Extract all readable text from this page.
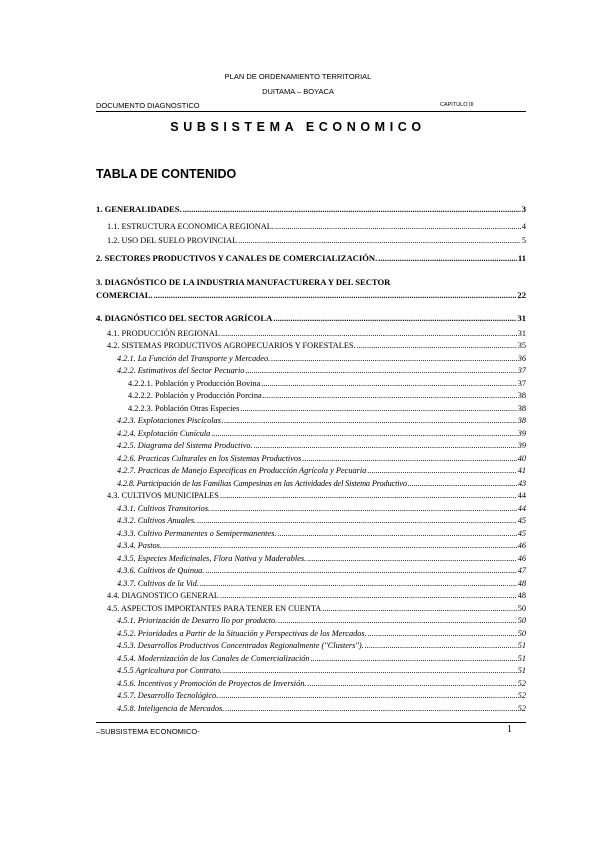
PLAN DE ORDENAMIENTO TERRITORIAL
DUITAMA – BOYACA
DOCUMENTO DIAGNOSTICO	CAPITULO III
SUBSISTEMA ECONOMICO
TABLA DE CONTENIDO
1. GENERALIDADES. .....	3
1.1. ESTRUCTURA ECONOMICA REGIONAL. .....	4
1.2. USO DEL SUELO PROVINCIAL .....	5
2. SECTORES PRODUCTIVOS Y CANALES DE COMERCIALIZACIÓN. .....	11
3. DIAGNÓSTICO DE LA INDUSTRIA MANUFACTURERA Y DEL SECTOR
COMERCIAL. .....	22
4. DIAGNÓSTICO DEL SECTOR AGRÍCOLA .....	31
4.1. PRODUCCIÓN REGIONAL .....	31
4.2. SISTEMAS PRODUCTIVOS AGROPECUARIOS Y FORESTALES. .....	35
4.2.1. La Función del Transporte y Mercadeo. .....	36
4.2.2. Estimativos del Sector Pecuario .....	37
4.2.2.1. Población y Producción Bovina .....	37
4.2.2.2. Población y Producción Porcina .....	38
4.2.2.3. Población Otras Especies .....	38
4.2.3. Explotaciones Piscícolas .....	38
4.2.4. Explotación Cunícula .....	39
4.2.5. Diagrama del Sistema Productivo. .....	39
4.2.6. Practicas Culturales en los Sistemas Productivos .....	40
4.2.7. Practicas de Manejo Especificas en Producción Agrícola y Pecuaria .....	41
4.2.8. Participación de las Familias Campesinas en las Actividades del Sistema Productivo .....	43
4.3. CULTIVOS MUNICIPALES .....	44
4.3.1. Cultivos Transitorios. .....	44
4.3.2. Cultivos Anuales. .....	45
4.3.3. Cultivo Permanentes o Semipermanentes. .....	45
4.3.4. Pastos. .....	46
4.3.5. Especies Medicinales, Flora Nativa y Maderables. .....	46
4.3.6. Cultivos de Quinua. .....	47
4.3.7. Cultivos de la Vid. .....	48
4.4. DIAGNOSTICO GENERAL .....	48
4.5. ASPECTOS IMPORTANTES PARA TENER EN CUENTA .....	50
4.5.1. Priorización de Desarro llo por producto. .....	50
4.5.2. Prioridades a Partir de la Situación y Perspectivas de los Mercados. .....	50
4.5.3. Desarrollos Productivos Concentrados Regionalmente ("Clusters"). .....	51
4.5.4. Modernización de los Canales de Comercialización .....	51
4.5.5 Agricultura por Contrato. .....	51
4.5.6. Incentivos y Promoción de Proyectos de Inversión. .....	52
4.5.7. Desarrollo Tecnológico. .....	52
4.5.8. Inteligencia de Mercados. .....	52
–SUBSISTEMA ECONOMICO-	1
